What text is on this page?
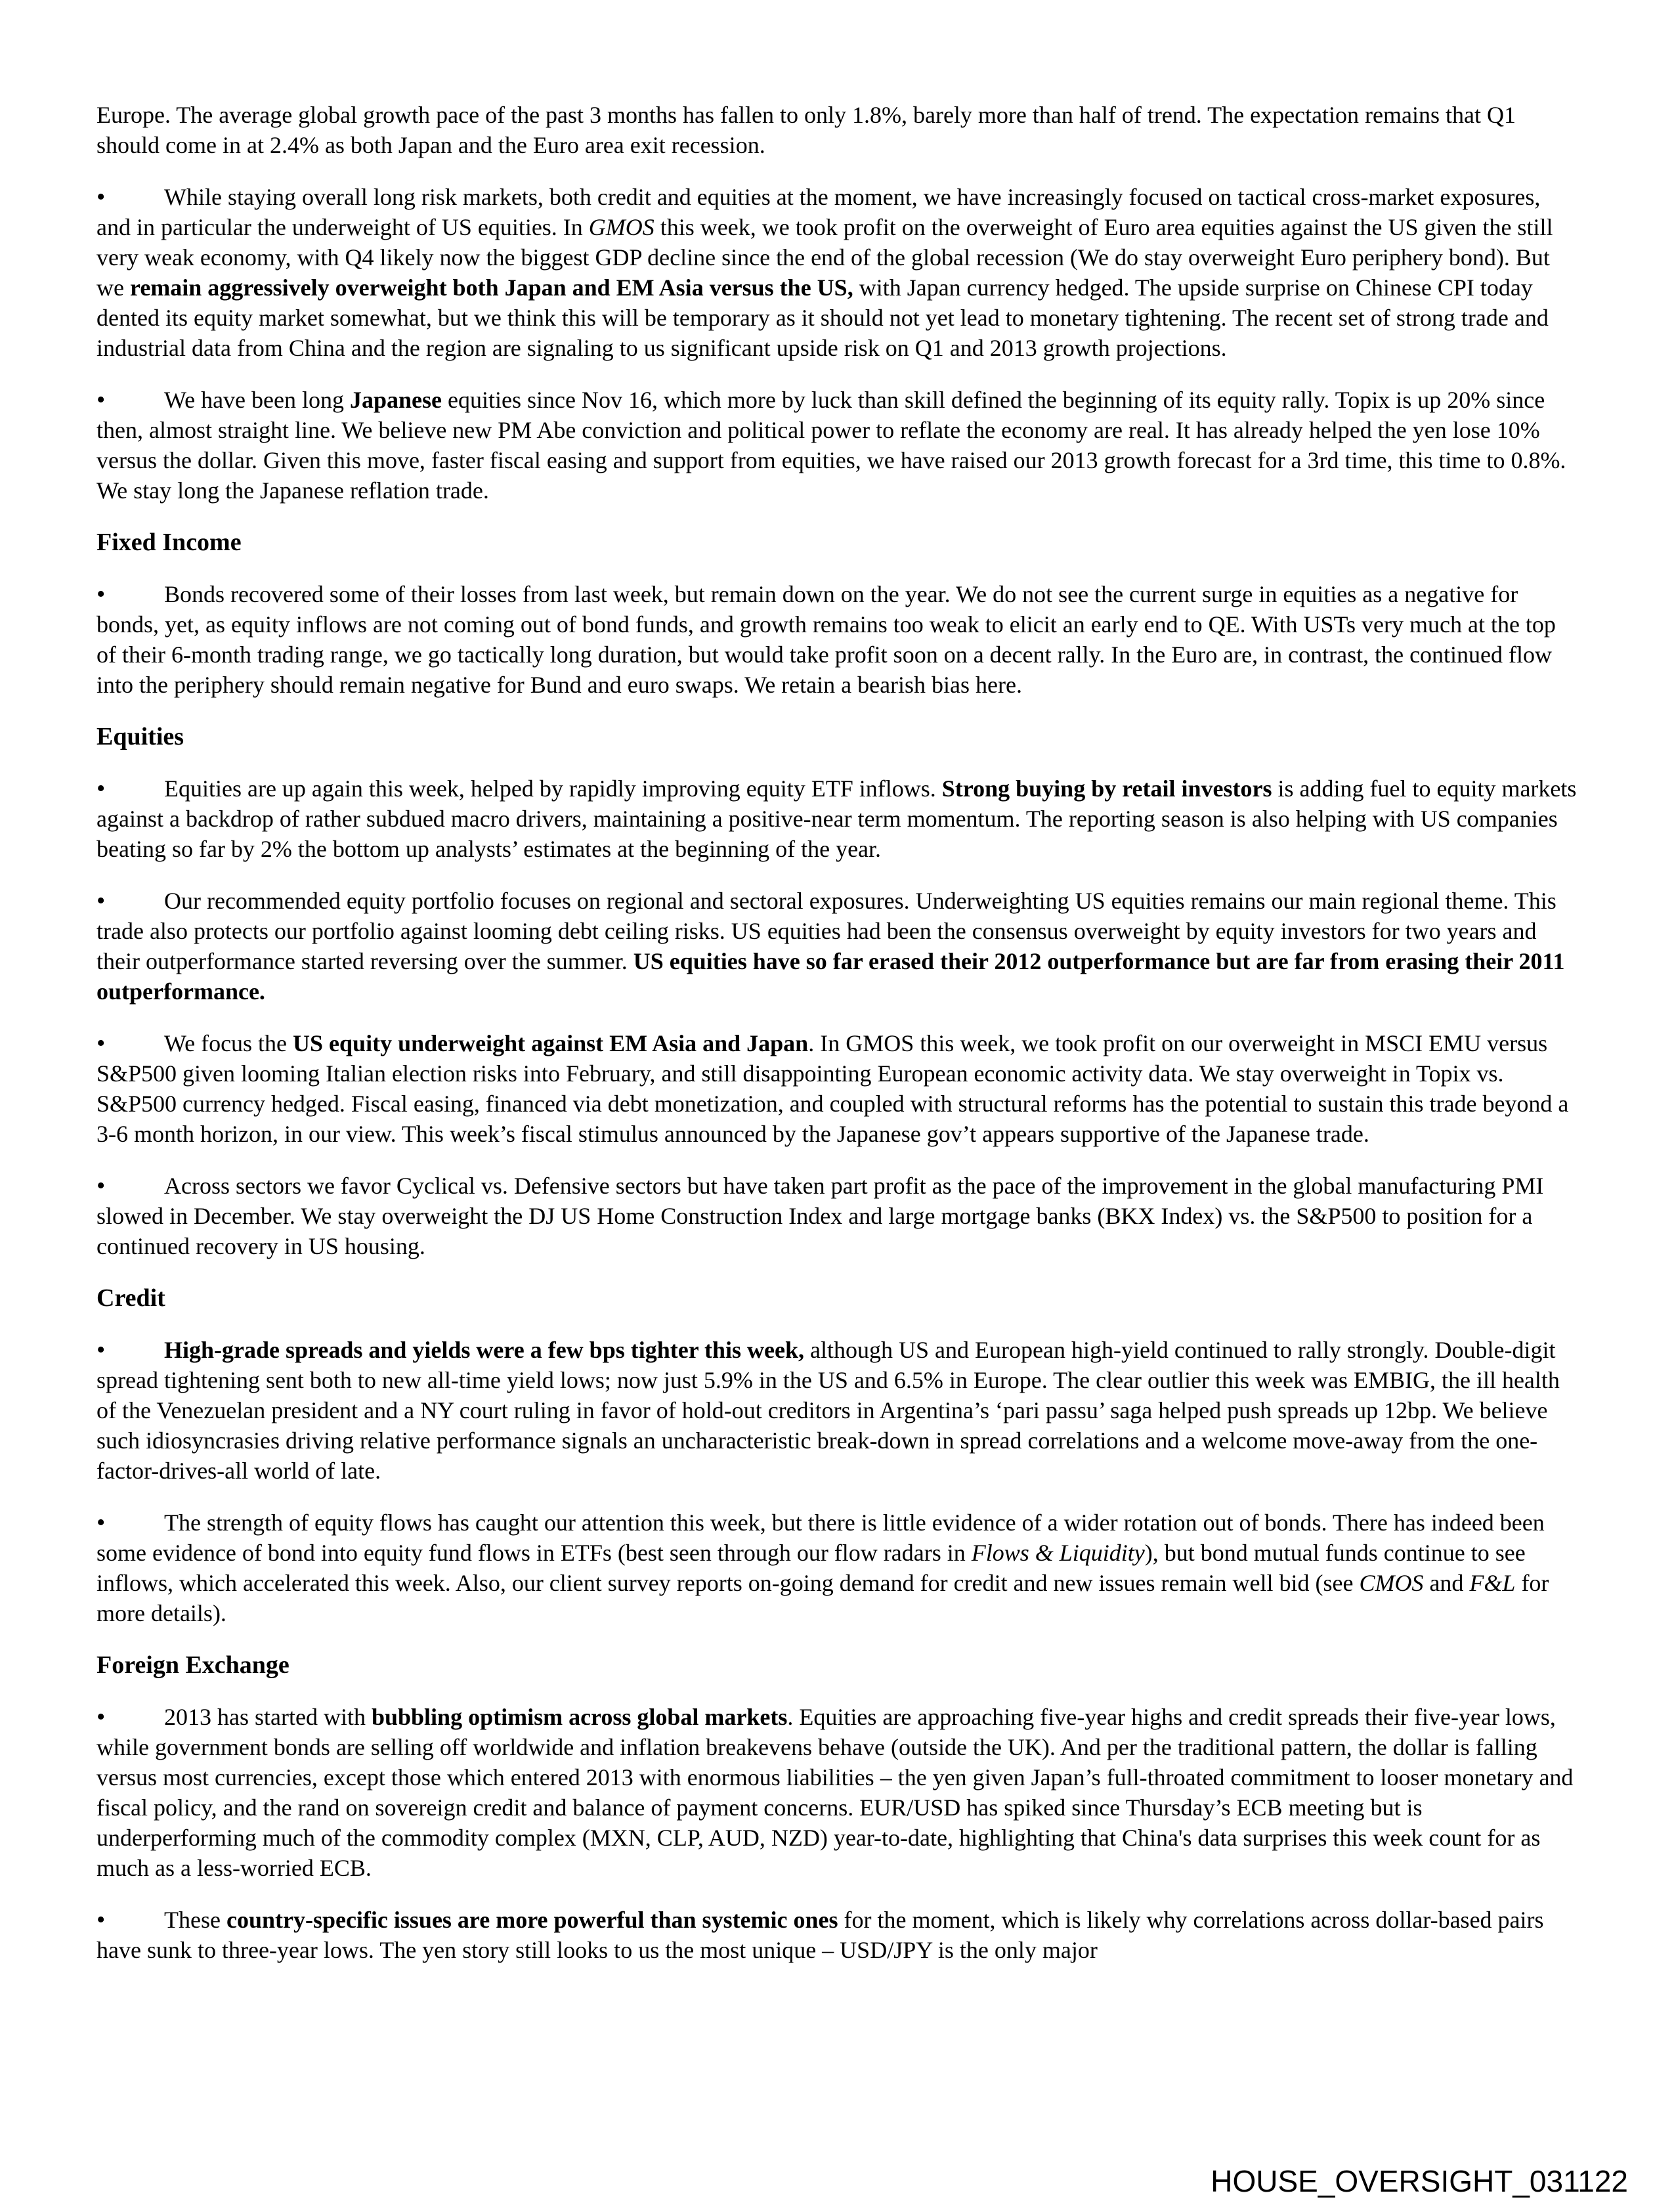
Europe. The average global growth pace of the past 3 months has fallen to only 1.8%, barely more than half of trend. The expectation remains that Q1 should come in at 2.4% as both Japan and the Euro area exit recession.

• While staying overall long risk markets, both credit and equities at the moment, we have increasingly focused on tactical cross-market exposures, and in particular the underweight of US equities. In GMOS this week, we took profit on the overweight of Euro area equities against the US given the still very weak economy, with Q4 likely now the biggest GDP decline since the end of the global recession (We do stay overweight Euro periphery bond). But we remain aggressively overweight both Japan and EM Asia versus the US, with Japan currency hedged. The upside surprise on Chinese CPI today dented its equity market somewhat, but we think this will be temporary as it should not yet lead to monetary tightening. The recent set of strong trade and industrial data from China and the region are signaling to us significant upside risk on Q1 and 2013 growth projections.

• We have been long Japanese equities since Nov 16, which more by luck than skill defined the beginning of its equity rally. Topix is up 20% since then, almost straight line. We believe new PM Abe conviction and political power to reflate the economy are real. It has already helped the yen lose 10% versus the dollar. Given this move, faster fiscal easing and support from equities, we have raised our 2013 growth forecast for a 3rd time, this time to 0.8%. We stay long the Japanese reflation trade.

Fixed Income

• Bonds recovered some of their losses from last week, but remain down on the year. We do not see the current surge in equities as a negative for bonds, yet, as equity inflows are not coming out of bond funds, and growth remains too weak to elicit an early end to QE. With USTs very much at the top of their 6-month trading range, we go tactically long duration, but would take profit soon on a decent rally. In the Euro are, in contrast, the continued flow into the periphery should remain negative for Bund and euro swaps. We retain a bearish bias here.

Equities

• Equities are up again this week, helped by rapidly improving equity ETF inflows. Strong buying by retail investors is adding fuel to equity markets against a backdrop of rather subdued macro drivers, maintaining a positive-near term momentum. The reporting season is also helping with US companies beating so far by 2% the bottom up analysts’ estimates at the beginning of the year.

• Our recommended equity portfolio focuses on regional and sectoral exposures. Underweighting US equities remains our main regional theme. This trade also protects our portfolio against looming debt ceiling risks. US equities had been the consensus overweight by equity investors for two years and their outperformance started reversing over the summer. US equities have so far erased their 2012 outperformance but are far from erasing their 2011 outperformance.

• We focus the US equity underweight against EM Asia and Japan. In GMOS this week, we took profit on our overweight in MSCI EMU versus S&P500 given looming Italian election risks into February, and still disappointing European economic activity data. We stay overweight in Topix vs. S&P500 currency hedged. Fiscal easing, financed via debt monetization, and coupled with structural reforms has the potential to sustain this trade beyond a 3-6 month horizon, in our view. This week’s fiscal stimulus announced by the Japanese gov’t appears supportive of the Japanese trade.

• Across sectors we favor Cyclical vs. Defensive sectors but have taken part profit as the pace of the improvement in the global manufacturing PMI slowed in December. We stay overweight the DJ US Home Construction Index and large mortgage banks (BKX Index) vs. the S&P500 to position for a continued recovery in US housing.

Credit

• High-grade spreads and yields were a few bps tighter this week, although US and European high-yield continued to rally strongly. Double-digit spread tightening sent both to new all-time yield lows; now just 5.9% in the US and 6.5% in Europe. The clear outlier this week was EMBIG, the ill health of the Venezuelan president and a NY court ruling in favor of hold-out creditors in Argentina’s ‘pari passu’ saga helped push spreads up 12bp. We believe such idiosyncrasies driving relative performance signals an uncharacteristic break-down in spread correlations and a welcome move-away from the one-factor-drives-all world of late.

• The strength of equity flows has caught our attention this week, but there is little evidence of a wider rotation out of bonds. There has indeed been some evidence of bond into equity fund flows in ETFs (best seen through our flow radars in Flows & Liquidity), but bond mutual funds continue to see inflows, which accelerated this week. Also, our client survey reports on-going demand for credit and new issues remain well bid (see CMOS and F&L for more details).

Foreign Exchange

• 2013 has started with bubbling optimism across global markets. Equities are approaching five-year highs and credit spreads their five-year lows, while government bonds are selling off worldwide and inflation breakevens behave (outside the UK). And per the traditional pattern, the dollar is falling versus most currencies, except those which entered 2013 with enormous liabilities – the yen given Japan’s full-throated commitment to looser monetary and fiscal policy, and the rand on sovereign credit and balance of payment concerns. EUR/USD has spiked since Thursday’s ECB meeting but is underperforming much of the commodity complex (MXN, CLP, AUD, NZD) year-to-date, highlighting that China's data surprises this week count for as much as a less-worried ECB.

• These country-specific issues are more powerful than systemic ones for the moment, which is likely why correlations across dollar-based pairs have sunk to three-year lows. The yen story still looks to us the most unique – USD/JPY is the only major

HOUSE_OVERSIGHT_031122
